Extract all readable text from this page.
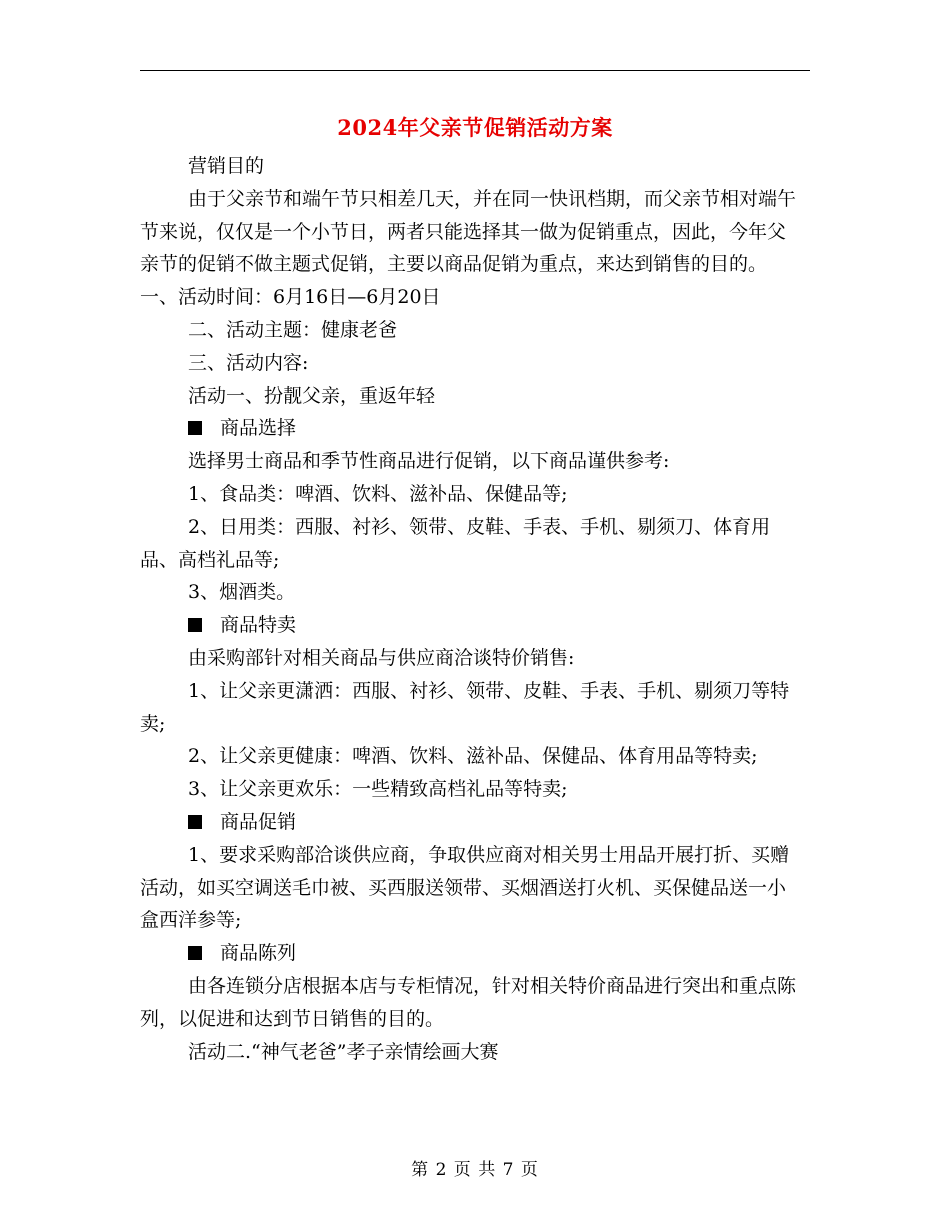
2024年父亲节促销活动方案

营销目的

由于父亲节和端午节只相差几天，并在同一快讯档期，而父亲节相对端午节来说，仅仅是一个小节日，两者只能选择其一做为促销重点，因此，今年父亲节的促销不做主题式促销，主要以商品促销为重点，来达到销售的目的。 一、活动时间：6月16日—6月20日

二、活动主题：健康老爸

三、活动内容:

活动一、扮靓父亲，重返年轻

商品选择

选择男士商品和季节性商品进行促销，以下商品谨供参考:

1、食品类：啤酒、饮料、滋补品、保健品等;

2、日用类：西服、衬衫、领带、皮鞋、手表、手机、剔须刀、体育用品、高档礼品等;

3、烟酒类。

商品特卖

由采购部针对相关商品与供应商洽谈特价销售:

1、让父亲更潇洒：西服、衬衫、领带、皮鞋、手表、手机、剔须刀等特卖;

2、让父亲更健康：啤酒、饮料、滋补品、保健品、体育用品等特卖;

3、让父亲更欢乐：一些精致高档礼品等特卖;

商品促销

1、要求采购部洽谈供应商，争取供应商对相关男士用品开展打折、买赠活动，如买空调送毛巾被、买西服送领带、买烟酒送打火机、买保健品送一小盒西洋参等;

商品陈列

由各连锁分店根据本店与专柜情况，针对相关特价商品进行突出和重点陈列，以促进和达到节日销售的目的。

活动二.“神气老爸”孝子亲情绘画大赛

第 2 页 共 7 页
